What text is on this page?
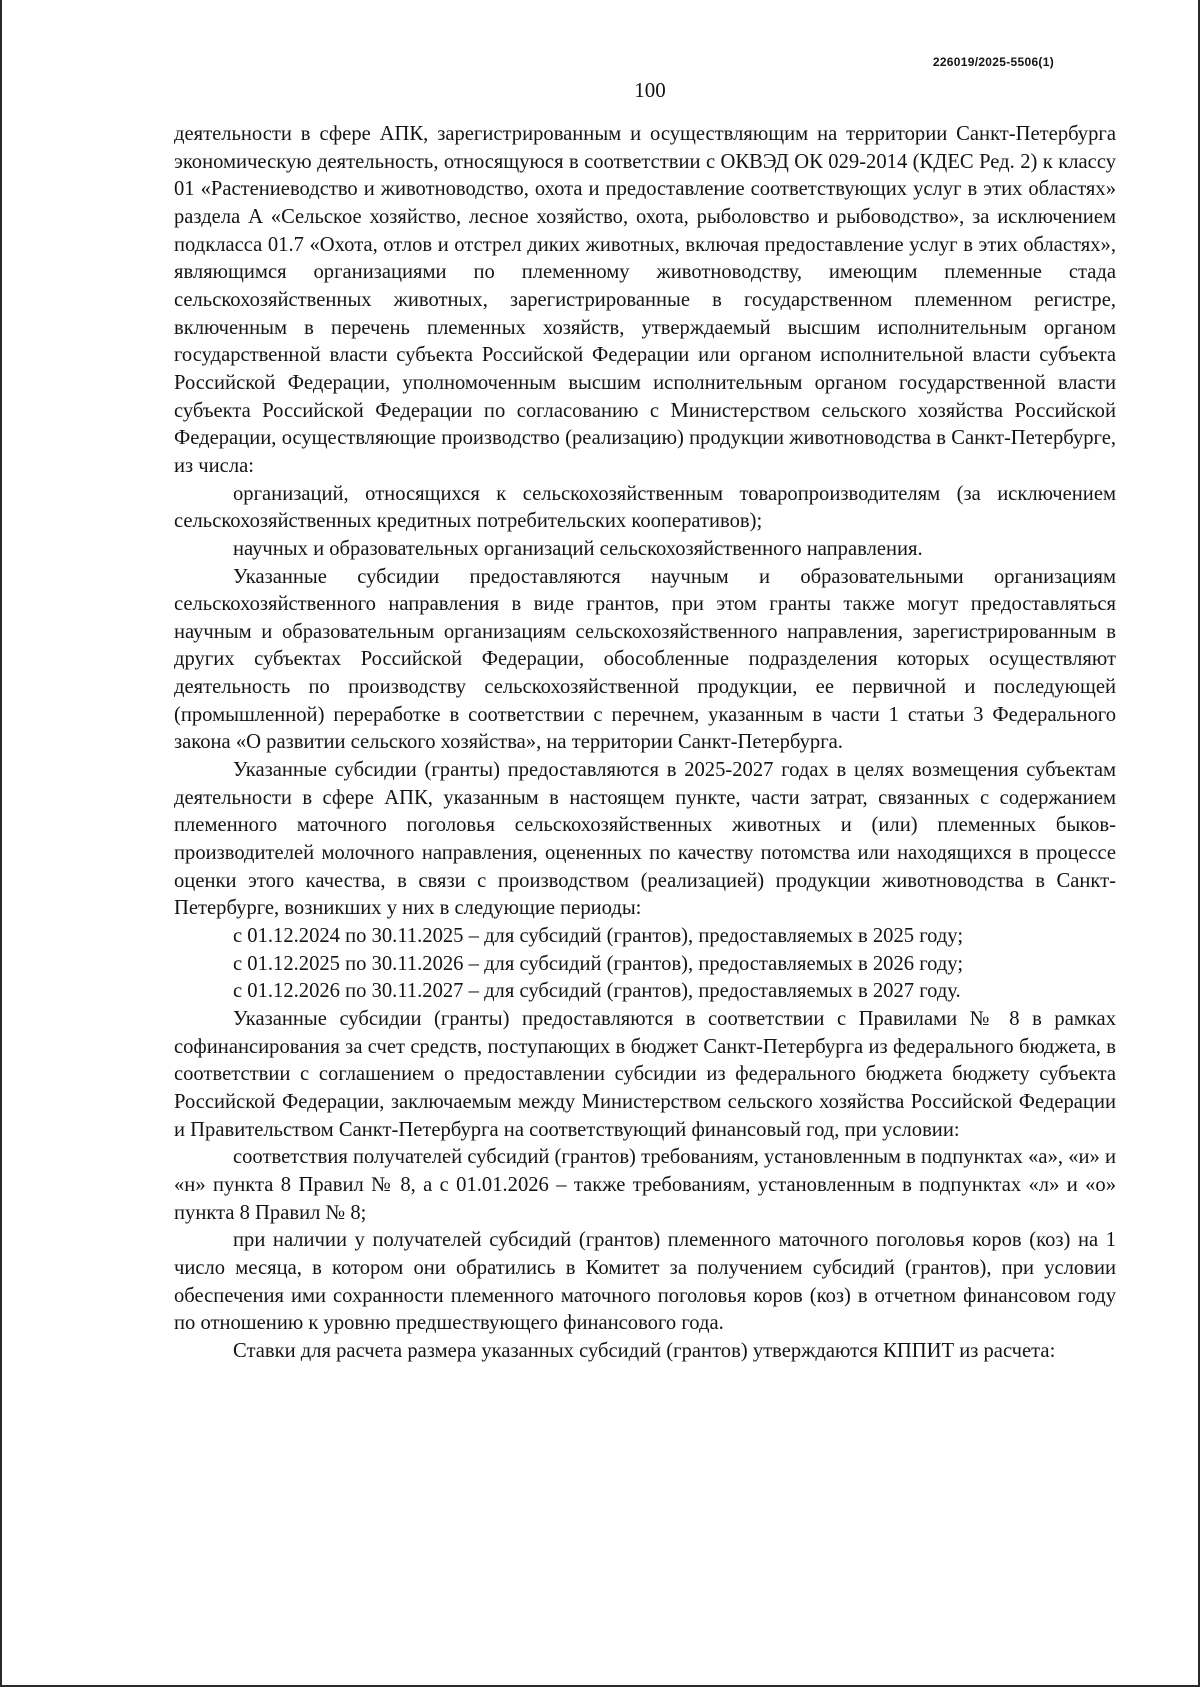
226019/2025-5506(1)
100

деятельности в сфере АПК, зарегистрированным и осуществляющим на территории Санкт-Петербурга экономическую деятельность, относящуюся в соответствии с ОКВЭД ОК 029-2014 (КДЕС Ред. 2) к классу 01 «Растениеводство и животноводство, охота и предоставление соответствующих услуг в этих областях» раздела А «Сельское хозяйство, лесное хозяйство, охота, рыболовство и рыбоводство», за исключением подкласса 01.7 «Охота, отлов и отстрел диких животных, включая предоставление услуг в этих областях», являющимся организациями по племенному животноводству, имеющим племенные стада сельскохозяйственных животных, зарегистрированные в государственном племенном регистре, включенным в перечень племенных хозяйств, утверждаемый высшим исполнительным органом государственной власти субъекта Российской Федерации или органом исполнительной власти субъекта Российской Федерации, уполномоченным высшим исполнительным органом государственной власти субъекта Российской Федерации по согласованию с Министерством сельского хозяйства Российской Федерации, осуществляющие производство (реализацию) продукции животноводства в Санкт-Петербурге, из числа:

организаций, относящихся к сельскохозяйственным товаропроизводителям (за исключением сельскохозяйственных кредитных потребительских кооперативов);

научных и образовательных организаций сельскохозяйственного направления.

Указанные субсидии предоставляются научным и образовательными организациям сельскохозяйственного направления в виде грантов, при этом гранты также могут предоставляться научным и образовательным организациям сельскохозяйственного направления, зарегистрированным в других субъектах Российской Федерации, обособленные подразделения которых осуществляют деятельность по производству сельскохозяйственной продукции, ее первичной и последующей (промышленной) переработке в соответствии с перечнем, указанным в части 1 статьи 3 Федерального закона «О развитии сельского хозяйства», на территории Санкт-Петербурга.

Указанные субсидии (гранты) предоставляются в 2025-2027 годах в целях возмещения субъектам деятельности в сфере АПК, указанным в настоящем пункте, части затрат, связанных с содержанием племенного маточного поголовья сельскохозяйственных животных и (или) племенных быков-производителей молочного направления, оцененных по качеству потомства или находящихся в процессе оценки этого качества, в связи с производством (реализацией) продукции животноводства в Санкт-Петербурге, возникших у них в следующие периоды:

с 01.12.2024 по 30.11.2025 – для субсидий (грантов), предоставляемых в 2025 году;

с 01.12.2025 по 30.11.2026 – для субсидий (грантов), предоставляемых в 2026 году;

с 01.12.2026 по 30.11.2027 – для субсидий (грантов), предоставляемых в 2027 году.

Указанные субсидии (гранты) предоставляются в соответствии с Правилами № 8 в рамках софинансирования за счет средств, поступающих в бюджет Санкт-Петербурга из федерального бюджета, в соответствии с соглашением о предоставлении субсидии из федерального бюджета бюджету субъекта Российской Федерации, заключаемым между Министерством сельского хозяйства Российской Федерации и Правительством Санкт-Петербурга на соответствующий финансовый год, при условии:

соответствия получателей субсидий (грантов) требованиям, установленным в подпунктах «а», «и» и «н» пункта 8 Правил № 8, а с 01.01.2026 – также требованиям, установленным в подпунктах «л» и «о» пункта 8 Правил № 8;

при наличии у получателей субсидий (грантов) племенного маточного поголовья коров (коз) на 1 число месяца, в котором они обратились в Комитет за получением субсидий (грантов), при условии обеспечения ими сохранности племенного маточного поголовья коров (коз) в отчетном финансовом году по отношению к уровню предшествующего финансового года.

Ставки для расчета размера указанных субсидий (грантов) утверждаются КППИТ из расчета:
